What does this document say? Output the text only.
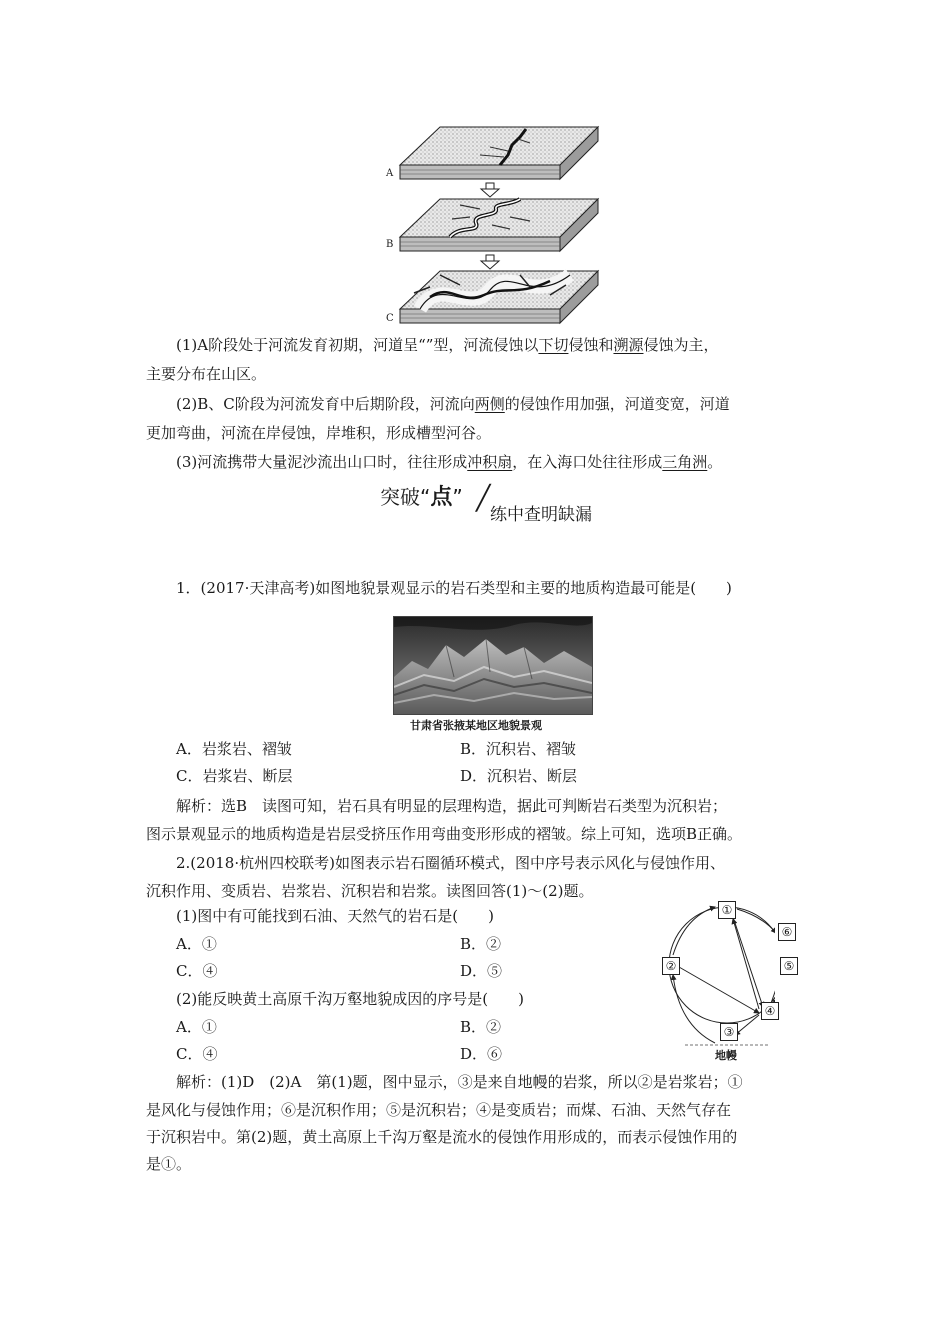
A
B
C
(1)A阶段处于河流发育初期，河道呈“”型，河流侵蚀以下切侵蚀和溯源侵蚀为主，
主要分布在山区。
(2)B、C阶段为河流发育中后期阶段，河流向两侧的侵蚀作用加强，河道变宽，河道
更加弯曲，河流在岸侵蚀，岸堆积，形成槽型河谷。
(3)河流携带大量泥沙流出山口时，往往形成冲积扇，在入海口处往往形成三角洲。
突破“点” ╱
练中查明缺漏
1．(2017·天津高考)如图地貌景观显示的岩石类型和主要的地质构造最可能是(　　)
甘肃省张掖某地区地貌景观
A．岩浆岩、褶皱	B．沉积岩、褶皱
C．岩浆岩、断层	D．沉积岩、断层
解析：选B　读图可知，岩石具有明显的层理构造，据此可判断岩石类型为沉积岩；
图示景观显示的地质构造是岩层受挤压作用弯曲变形形成的褶皱。综上可知，选项B正确。
2.(2018·杭州四校联考)如图表示岩石圈循环模式，图中序号表示风化与侵蚀作用、
沉积作用、变质岩、岩浆岩、沉积岩和岩浆。读图回答(1)～(2)题。
(1)图中有可能找到石油、天然气的岩石是(　　)
A．①	B．②
C．④	D．⑤
(2)能反映黄土高原千沟万壑地貌成因的序号是(　　)
A．①	B．②
C．④	D．⑥
①
⑥
⑤
④
③
②
地幔
解析：(1)D　(2)A　第(1)题，图中显示，③是来自地幔的岩浆，所以②是岩浆岩；①
是风化与侵蚀作用；⑥是沉积作用；⑤是沉积岩；④是变质岩；而煤、石油、天然气存在
于沉积岩中。第(2)题，黄土高原上千沟万壑是流水的侵蚀作用形成的，而表示侵蚀作用的
是①。
